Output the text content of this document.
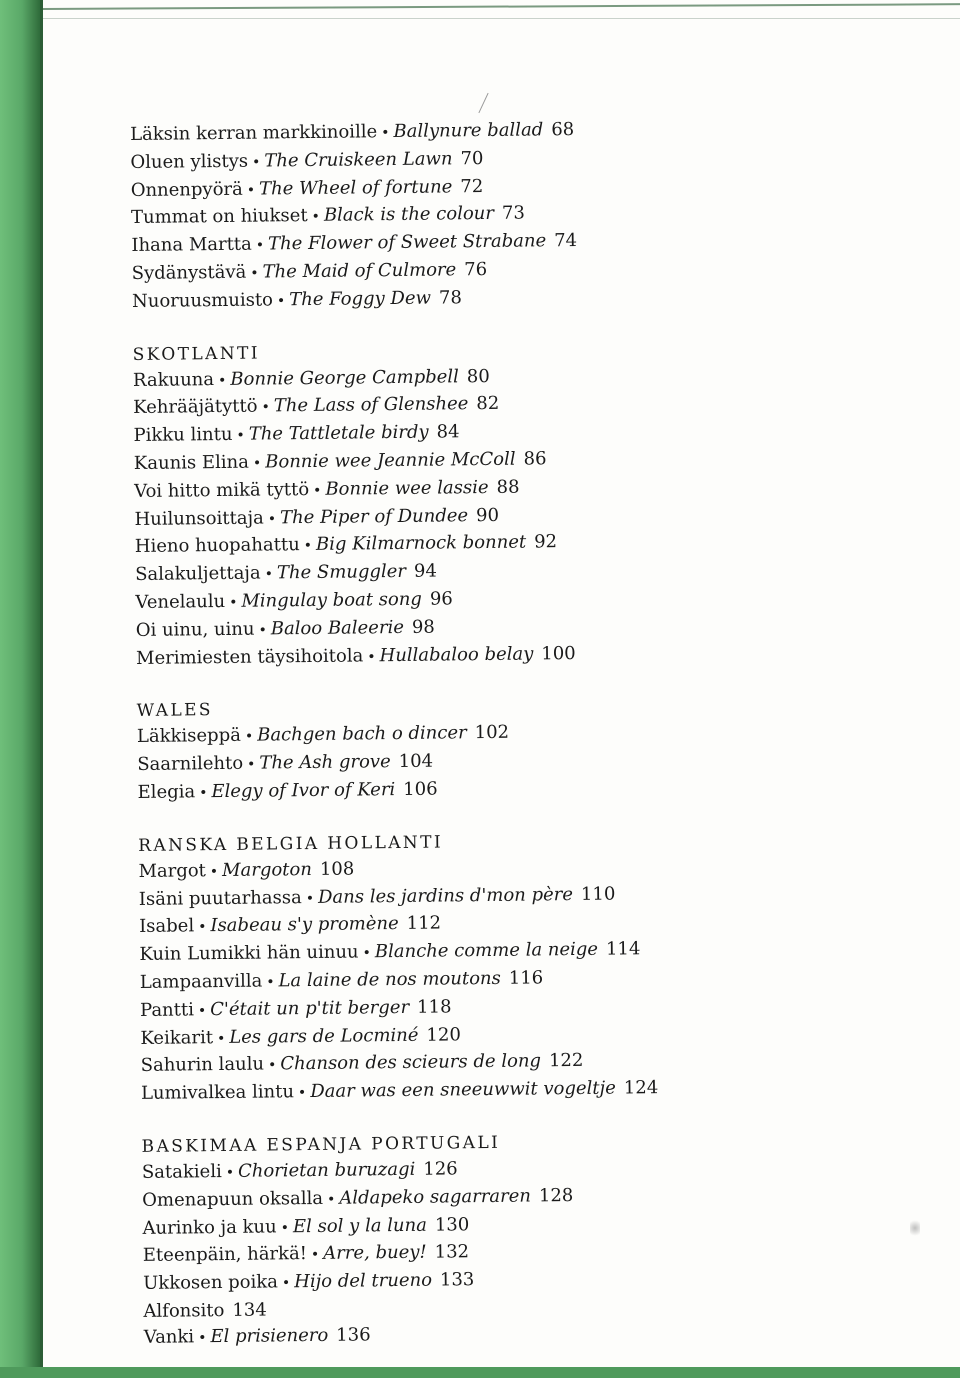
Läksin kerran markkinoille • Ballynure ballad 68
Oluen ylistys • The Cruiskeen Lawn 70
Onnenpyörä • The Wheel of fortune 72
Tummat on hiukset • Black is the colour 73
Ihana Martta • The Flower of Sweet Strabane 74
Sydänystävä • The Maid of Culmore 76
Nuoruusmuisto • The Foggy Dew 78
SKOTLANTI
Rakuuna • Bonnie George Campbell 80
Kehrääjätyttö • The Lass of Glenshee 82
Pikku lintu • The Tattletale birdy 84
Kaunis Elina • Bonnie wee Jeannie McColl 86
Voi hitto mikä tyttö • Bonnie wee lassie 88
Huilunsoittaja • The Piper of Dundee 90
Hieno huopahattu • Big Kilmarnock bonnet 92
Salakuljettaja • The Smuggler 94
Venelaulu • Mingulay boat song 96
Oi uinu, uinu • Baloo Baleerie 98
Merimiesten täysihoitola • Hullabaloo belay 100
WALES
Läkkiseppä • Bachgen bach o dincer 102
Saarnilehto • The Ash grove 104
Elegia • Elegy of Ivor of Keri 106
RANSKA BELGIA HOLLANTI
Margot • Margoton 108
Isäni puutarhassa • Dans les jardins d'mon père 110
Isabel • Isabeau s'y promène 112
Kuin Lumikki hän uinuu • Blanche comme la neige 114
Lampaanvilla • La laine de nos moutons 116
Pantti • C'était un p'tit berger 118
Keikarit • Les gars de Locminé 120
Sahurin laulu • Chanson des scieurs de long 122
Lumivalkea lintu • Daar was een sneeuwwit vogeltje 124
BASKIMAA ESPANJA PORTUGALI
Satakieli • Chorietan buruzagi 126
Omenapuun oksalla • Aldapeko sagarraren 128
Aurinko ja kuu • El sol y la luna 130
Eteenpäin, härkä! • Arre, buey! 132
Ukkosen poika • Hijo del trueno 133
Alfonsito 134
Vanki • El prisienero 136
